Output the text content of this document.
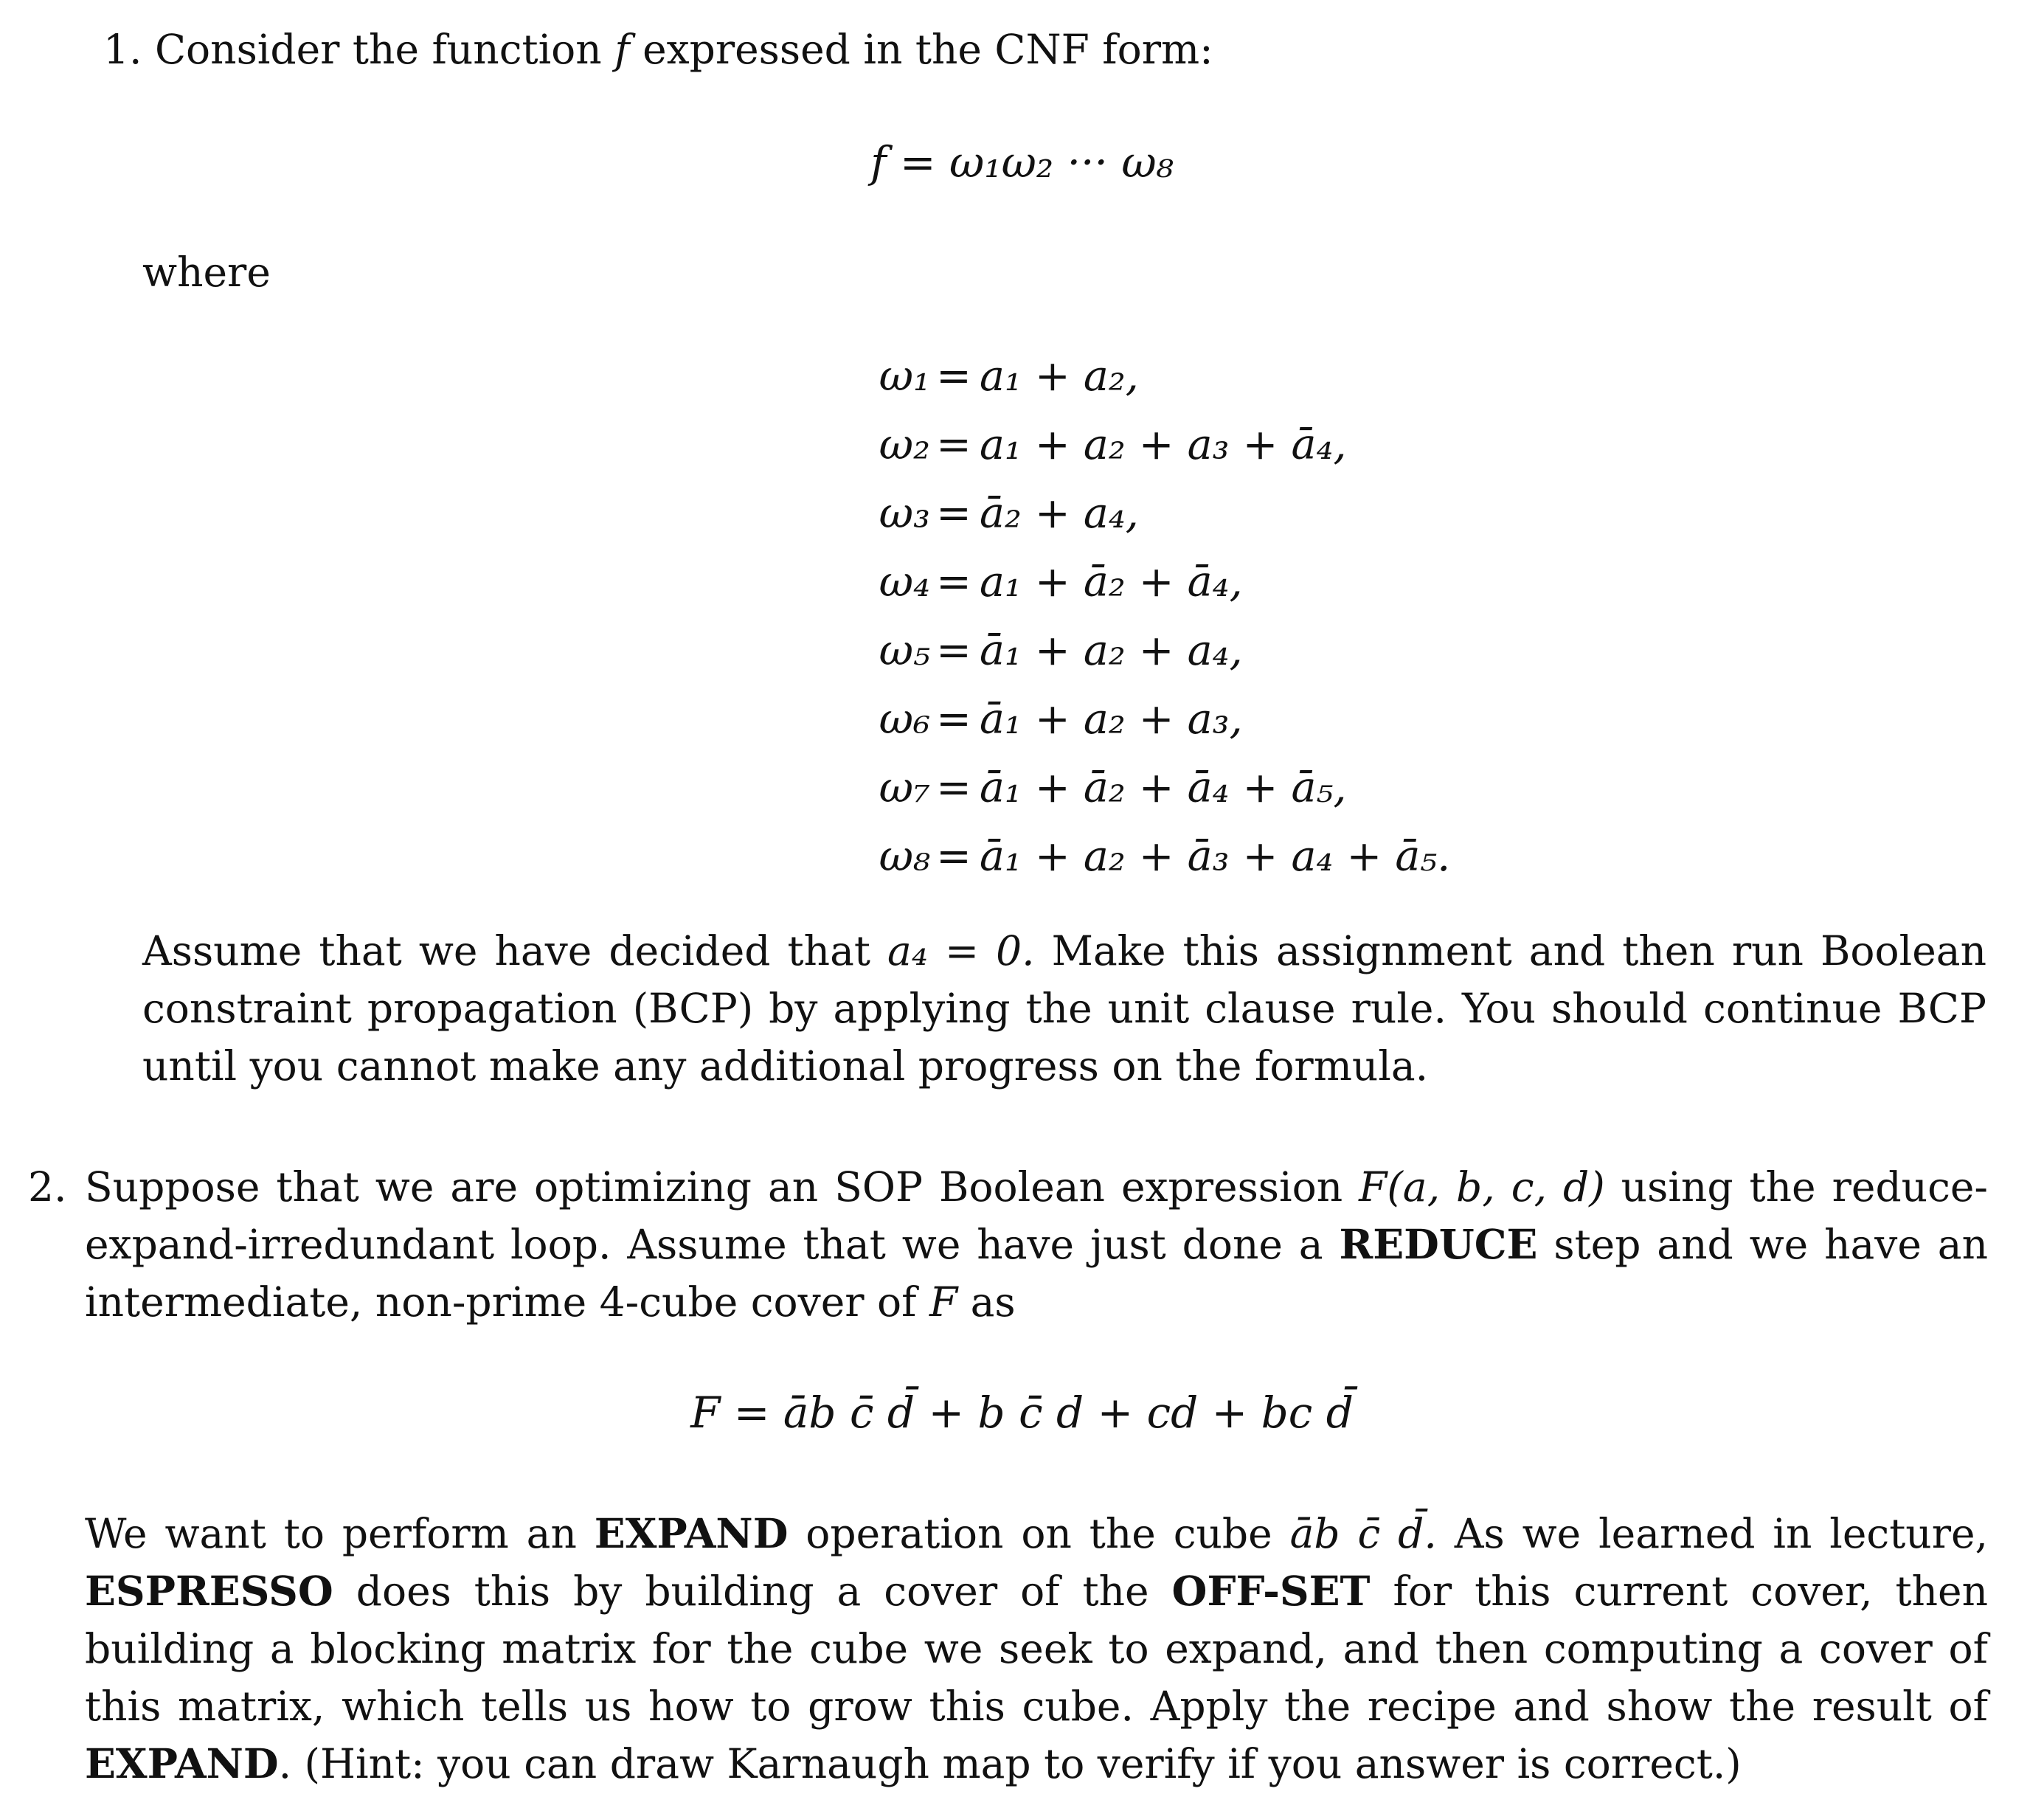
1. Consider the function f expressed in the CNF form:
f = ω₁ω₂ ··· ω₈
where
ω₁ = a₁ + a₂,
ω₂ = a₁ + a₂ + a₃ + ā₄,
ω₃ = ā₂ + a₄,
ω₄ = a₁ + ā₂ + ā₄,
ω₅ = ā₁ + a₂ + a₄,
ω₆ = ā₁ + a₂ + a₃,
ω₇ = ā₁ + ā₂ + ā₄ + ā₅,
ω₈ = ā₁ + a₂ + ā₃ + a₄ + ā₅.
Assume that we have decided that a₄ = 0. Make this assignment and then run Boolean
constraint propagation (BCP) by applying the unit clause rule. You should continue BCP
until you cannot make any additional progress on the formula.
2. Suppose that we are optimizing an SOP Boolean expression F(a, b, c, d) using the reduce-
expand-irredundant loop. Assume that we have just done a REDUCE step and we have an
intermediate, non-prime 4-cube cover of F as
F = āb c̄ d̄ + b c̄ d + cd + bc d̄
We want to perform an EXPAND operation on the cube āb c̄ d̄. As we learned in lecture,
ESPRESSO does this by building a cover of the OFF-SET for this current cover, then
building a blocking matrix for the cube we seek to expand, and then computing a cover of
this matrix, which tells us how to grow this cube. Apply the recipe and show the result of
EXPAND. (Hint: you can draw Karnaugh map to verify if you answer is correct.)
